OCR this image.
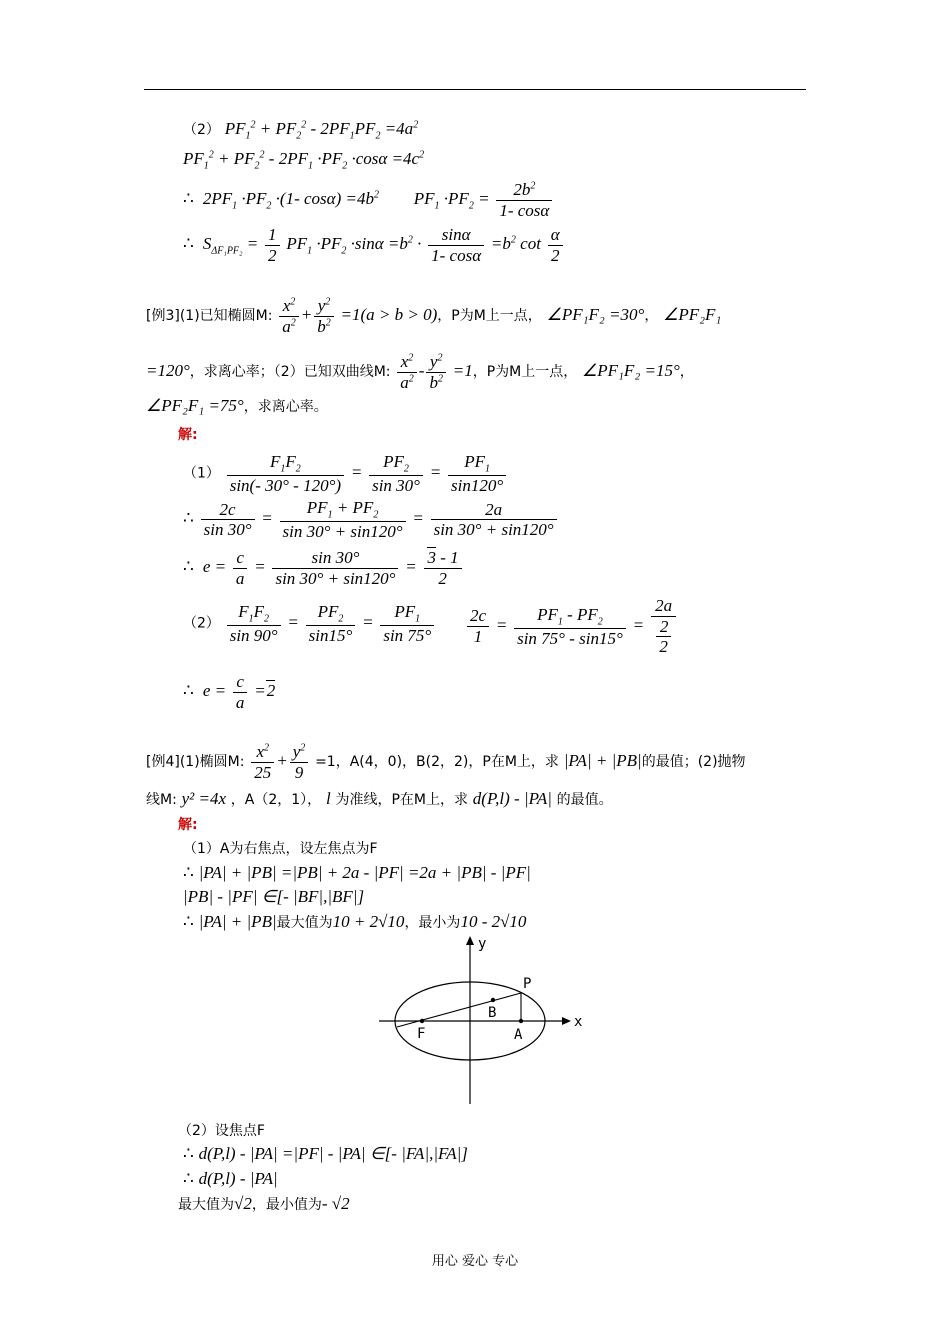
（2） $PF_1^2 + PF_2^2 - 2PF_1PF_2 =4a^2$
$PF_1^2 + PF_2^2 - 2PF_1 \cdot PF_2 \cdot\cos\alpha =4c^2$
∴  $2PF_1 \cdot PF_2 \cdot(1-$ $\cos\alpha) =4b^2$ $PF_1 \cdot PF_2 = \frac{2b^2}{1- \cos\alpha}$
∴  $S_{\Delta F_1PF_2} = \frac{1}{2} PF_1 \cdot PF_2 \cdot\sin\alpha =b^2 \cdot \frac{\sin\alpha}{1- \cos\alpha} =b^2$ $\cot \frac{\alpha}{2}$
[例3](1)已知椭圆M: $\frac{x^2}{a^2} + \frac{y^2}{b^2} =1(a > b > 0)$，P为M上一点， ∠PF₁F₂ =30°， ∠PF₂F₁
=120°，求离心率；（2）已知双曲线M: $\frac{x^2}{a^2} - \frac{y^2}{b^2} =1$，P为M上一点， ∠PF₁F₂ =15°，
∠PF₂F₁ =75°，求离心率。
解:
$(1) \frac{F_1F_2}{\sin(- 30^\circ - 120^\circ)} = \frac{PF_2}{\sin 30^\circ} = \frac{PF_1}{\sin 120^\circ}$
∴ $\frac{2c}{\sin 30^\circ} = \frac{PF_1 + PF_2}{\sin 30^\circ + \sin 120^\circ} = \frac{2a}{\sin 30^\circ + \sin 120^\circ}$
∴  $e = \frac{c}{a} = \frac{\sin 30^\circ}{\sin 30^\circ + \sin 120^\circ} = \frac{3 - 1}{2}$
$(2) \frac{F_1F_2}{\sin 90^\circ} = \frac{PF_2}{\sin 15^\circ} = \frac{PF_1}{\sin 75^\circ} \frac{2c}{1} = \frac{PF_1 - PF_2}{\sin 75^\circ - \sin 15^\circ} = \frac{2a}{\frac{2}{2}}$
∴  $e = \frac{c}{a} =2$
[例4](1)椭圆M: $\frac{x^2}{25} + \frac{y^2}{9} =1$，A(4，0)，B(2，2)，P在M上，求 |PA| + |PB|的最值；(2)抛物
线M: y² =4x ，A（2，1）， l 为准线，P在M上，求 d(P,l) - |PA| 的最值。
解:
（1）A为右焦点，设左焦点为F
∴ |PA| + |PB| =|PB| + 2a - |PF| =2a + |PB| - |PF|
|PB| - |PF| ∈[- |BF|,|BF|]
∴ |PA| + |PB|最大值为10 + 2√10，最小为10 - 2√10
y
x
P
B
F	A
（2）设焦点F
∴ d(P,l) - |PA| =|PF| - |PA| ∈[- |FA|,|FA|]
∴ d(P,l) - |PA|
最大值为√2，最小值为- √2
用心 爱心 专心
